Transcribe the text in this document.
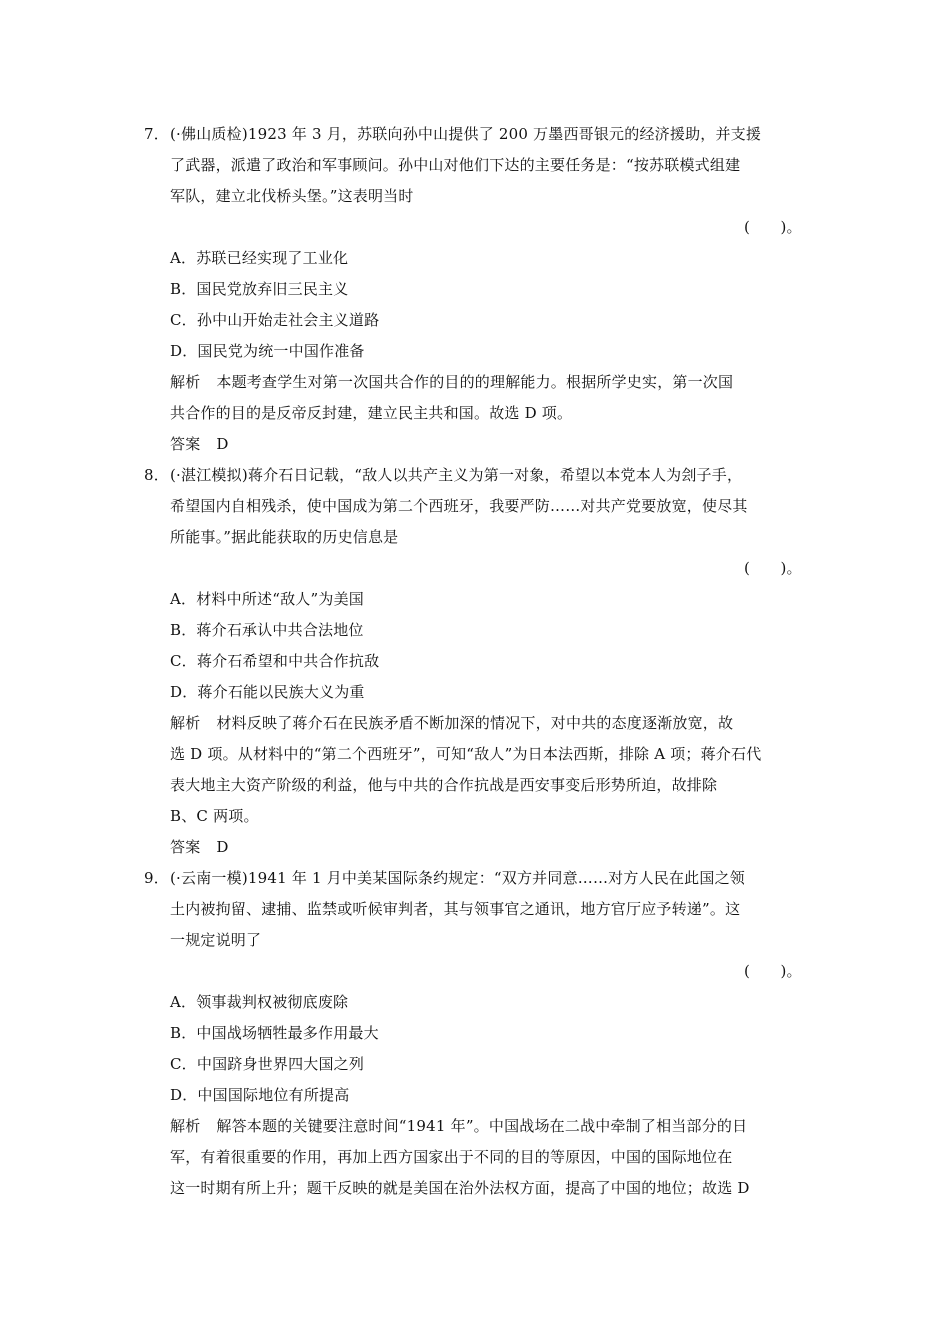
7． (·佛山质检)1923 年 3 月，苏联向孙中山提供了 200 万墨西哥银元的经济援助，并支援
了武器，派遣了政治和军事顾问。孙中山对他们下达的主要任务是：“按苏联模式组建
军队，建立北伐桥头堡。”这表明当时
(　　)。
A．苏联已经实现了工业化
B．国民党放弃旧三民主义
C．孙中山开始走社会主义道路
D．国民党为统一中国作准备
解析 本题考查学生对第一次国共合作的目的的理解能力。根据所学史实，第一次国
共合作的目的是反帝反封建，建立民主共和国。故选 D 项。
答案 D
8． (·湛江模拟)蒋介石日记载，“敌人以共产主义为第一对象，希望以本党本人为刽子手，
希望国内自相残杀，使中国成为第二个西班牙，我要严防……对共产党要放宽，使尽其
所能事。”据此能获取的历史信息是
(　　)。
A．材料中所述“敌人”为美国
B．蒋介石承认中共合法地位
C．蒋介石希望和中共合作抗敌
D．蒋介石能以民族大义为重
解析 材料反映了蒋介石在民族矛盾不断加深的情况下，对中共的态度逐渐放宽，故
选 D 项。从材料中的“第二个西班牙”，可知“敌人”为日本法西斯，排除 A 项；蒋介石代
表大地主大资产阶级的利益，他与中共的合作抗战是西安事变后形势所迫，故排除
B、C 两项。
答案 D
9． (·云南一模)1941 年 1 月中美某国际条约规定：“双方并同意……对方人民在此国之领
土内被拘留、逮捕、监禁或听候审判者，其与领事官之通讯，地方官厅应予转递”。这
一规定说明了
(　　)。
A．领事裁判权被彻底废除
B．中国战场牺牲最多作用最大
C．中国跻身世界四大国之列
D．中国国际地位有所提高
解析 解答本题的关键要注意时间“1941 年”。中国战场在二战中牵制了相当部分的日
军，有着很重要的作用，再加上西方国家出于不同的目的等原因，中国的国际地位在
这一时期有所上升；题干反映的就是美国在治外法权方面，提高了中国的地位；故选 D
